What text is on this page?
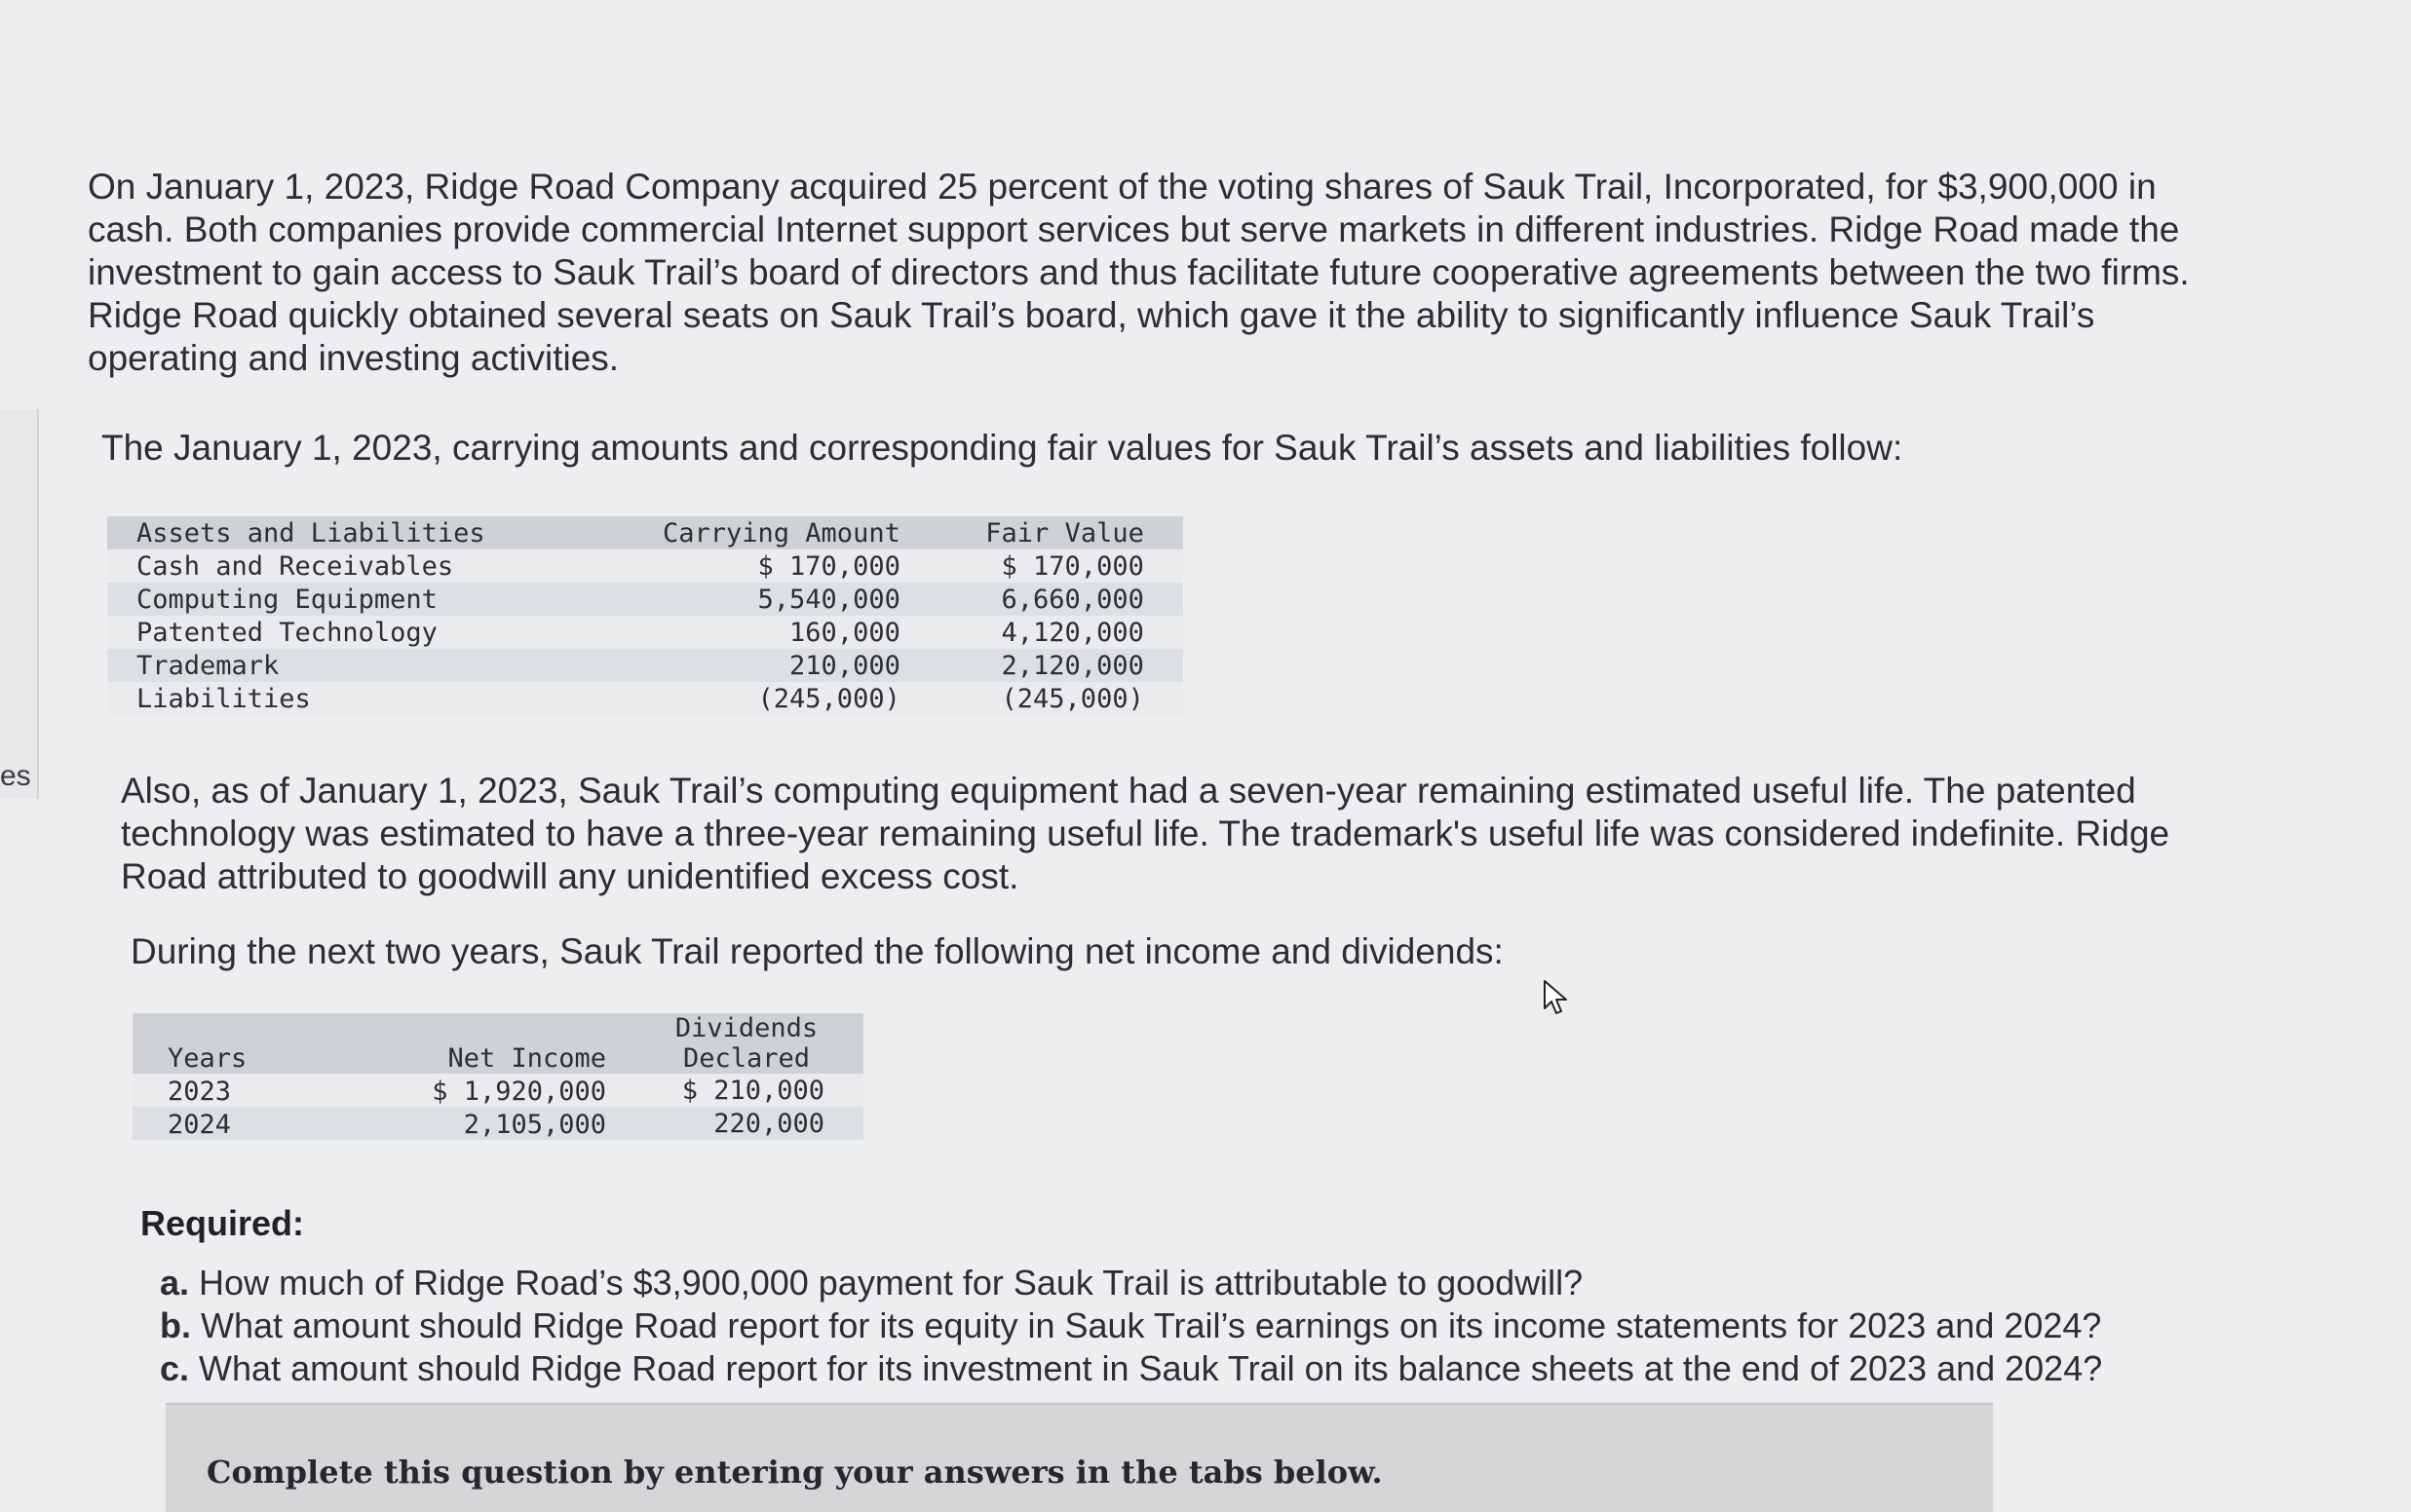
es

On January 1, 2023, Ridge Road Company acquired 25 percent of the voting shares of Sauk Trail, Incorporated, for $3,900,000 in cash. Both companies provide commercial Internet support services but serve markets in different industries. Ridge Road made the investment to gain access to Sauk Trail’s board of directors and thus facilitate future cooperative agreements between the two firms. Ridge Road quickly obtained several seats on Sauk Trail’s board, which gave it the ability to significantly influence Sauk Trail’s operating and investing activities.

The January 1, 2023, carrying amounts and corresponding fair values for Sauk Trail’s assets and liabilities follow:

Assets and Liabilities	Carrying Amount	Fair Value
Cash and Receivables	$ 170,000	$ 170,000
Computing Equipment	5,540,000	6,660,000
Patented Technology	160,000	4,120,000
Trademark	210,000	2,120,000
Liabilities	(245,000)	(245,000)

Also, as of January 1, 2023, Sauk Trail’s computing equipment had a seven-year remaining estimated useful life. The patented technology was estimated to have a three-year remaining useful life. The trademark's useful life was considered indefinite. Ridge Road attributed to goodwill any unidentified excess cost.

During the next two years, Sauk Trail reported the following net income and dividends:

Years	Net Income	Dividends
Declared

2023	$ 1,920,000	$ 210,000
2024	2,105,000	220,000
Required:
a. How much of Ridge Road’s $3,900,000 payment for Sauk Trail is attributable to goodwill?
b. What amount should Ridge Road report for its equity in Sauk Trail’s earnings on its income statements for 2023 and 2024?
c. What amount should Ridge Road report for its investment in Sauk Trail on its balance sheets at the end of 2023 and 2024?
Complete this question by entering your answers in the tabs below.
